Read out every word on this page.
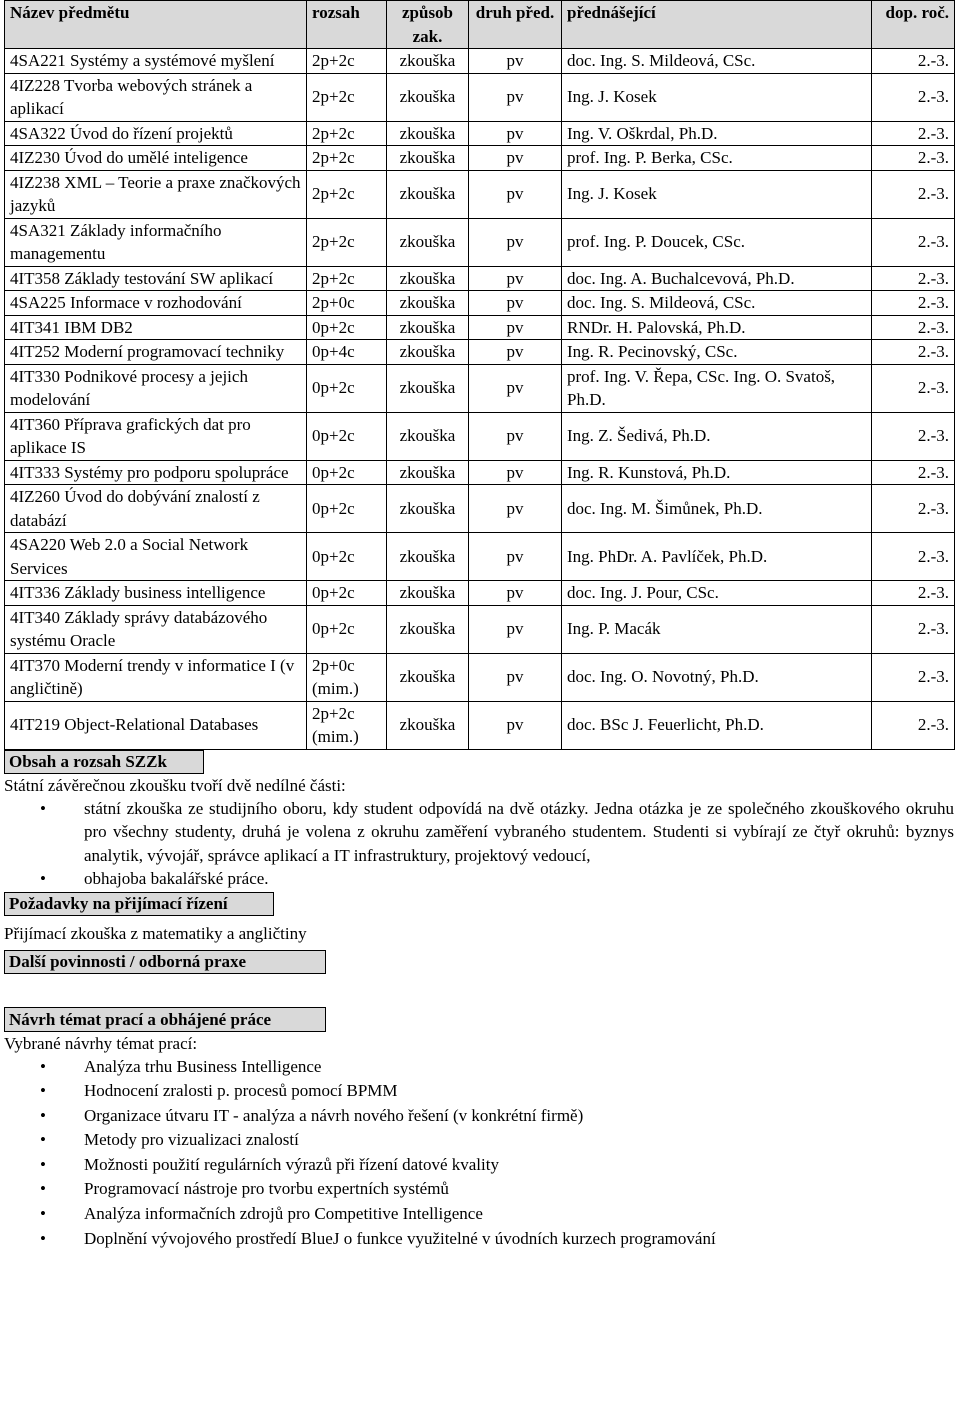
Název předmětu	rozsah	způsob zak.	druh před.	přednášející	dop. roč.
4SA221 Systémy a systémové myšlení	2p+2c	zkouška	pv	doc. Ing. S. Mildeová, CSc.	2.-3.
4IZ228 Tvorba webových stránek a aplikací	2p+2c	zkouška	pv	Ing. J. Kosek	2.-3.
4SA322 Úvod do řízení projektů	2p+2c	zkouška	pv	Ing. V. Oškrdal, Ph.D.	2.-3.
4IZ230 Úvod do umělé inteligence	2p+2c	zkouška	pv	prof. Ing. P. Berka, CSc.	2.-3.
4IZ238 XML – Teorie a praxe značkových jazyků	2p+2c	zkouška	pv	Ing. J. Kosek	2.-3.
4SA321 Základy informačního managementu	2p+2c	zkouška	pv	prof. Ing. P. Doucek, CSc.	2.-3.
4IT358 Základy testování SW aplikací	2p+2c	zkouška	pv	doc. Ing. A. Buchalcevová, Ph.D.	2.-3.
4SA225 Informace v rozhodování	2p+0c	zkouška	pv	doc. Ing. S. Mildeová, CSc.	2.-3.
4IT341 IBM DB2	0p+2c	zkouška	pv	RNDr. H. Palovská, Ph.D.	2.-3.
4IT252 Moderní programovací techniky	0p+4c	zkouška	pv	Ing. R. Pecinovský, CSc.	2.-3.
4IT330 Podnikové procesy a jejich modelování	0p+2c	zkouška	pv	prof. Ing. V. Řepa, CSc. Ing. O. Svatoš, Ph.D.	2.-3.
4IT360 Příprava grafických dat pro aplikace IS	0p+2c	zkouška	pv	Ing. Z. Šedivá, Ph.D.	2.-3.
4IT333 Systémy pro podporu spolupráce	0p+2c	zkouška	pv	Ing. R. Kunstová, Ph.D.	2.-3.
4IZ260 Úvod do dobývání znalostí z databází	0p+2c	zkouška	pv	doc. Ing. M. Šimůnek, Ph.D.	2.-3.
4SA220 Web 2.0 a Social Network Services	0p+2c	zkouška	pv	Ing. PhDr. A. Pavlíček, Ph.D.	2.-3.
4IT336 Základy business intelligence	0p+2c	zkouška	pv	doc. Ing. J. Pour, CSc.	2.-3.
4IT340 Základy správy databázového systému Oracle	0p+2c	zkouška	pv	Ing. P. Macák	2.-3.
4IT370 Moderní trendy v informatice I (v angličtině)	2p+0c (mim.)	zkouška	pv	doc. Ing. O. Novotný, Ph.D.	2.-3.
4IT219 Object-Relational Databases	2p+2c (mim.)	zkouška	pv	doc. BSc J. Feuerlicht, Ph.D.	2.-3.
Obsah a rozsah SZZk

Státní závěrečnou zkoušku tvoří dvě nedílné části:

• státní zkouška ze studijního oboru, kdy student odpovídá na dvě otázky. Jedna otázka je ze společného zkouškového okruhu pro všechny studenty, druhá je volena z okruhu zaměření vybraného studentem. Studenti si vybírají ze čtyř okruhů: byznys analytik, vývojář, správce aplikací a IT infrastruktury, projektový vedoucí,
• obhajoba bakalářské práce.
Požadavky na přijímací řízení

Přijímací zkouška z matematiky a angličtiny

Další povinnosti / odborná praxe
Návrh témat prací a obhájené práce

Vybrané návrhy témat prací:

• Analýza trhu Business Intelligence
• Hodnocení zralosti p. procesů pomocí BPMM
• Organizace útvaru IT - analýza a návrh nového řešení (v konkrétní firmě)
• Metody pro vizualizaci znalostí
• Možnosti použití regulárních výrazů při řízení datové kvality
• Programovací nástroje pro tvorbu expertních systémů
• Analýza informačních zdrojů pro Competitive Intelligence
• Doplnění vývojového prostředí BlueJ o funkce využitelné v úvodních kurzech programování
